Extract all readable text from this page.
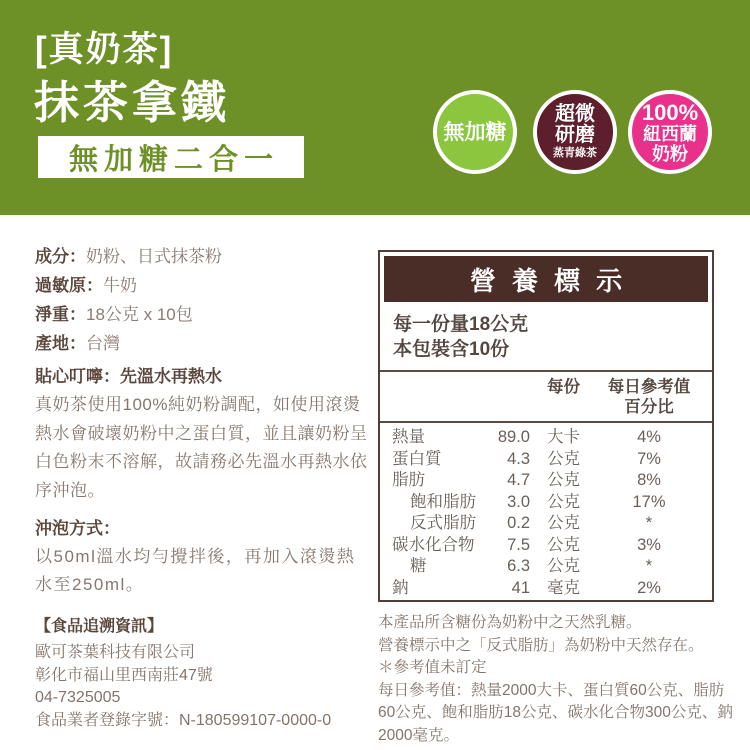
[真奶茶]
抹茶拿鐵
無加糖二合一
無加糖
超微
研磨
蒸青綠茶
100%
紐西蘭
奶粉
成分：奶粉、日式抹茶粉
過敏原：牛奶
淨重：18公克 x 10包
產地：台灣
貼心叮嚀：先溫水再熱水
真奶茶使用100%純奶粉調配，如使用滾燙熱水會破壞奶粉中之蛋白質，並且讓奶粉呈白色粉末不溶解，故請務必先溫水再熱水依序沖泡。
沖泡方式：
以50ml溫水均勻攪拌後，再加入滾燙熱水至250ml。
營養標示
每一份量18公克
本包裝含10份
每份	每日參考值
百分比
熱量	89.0	大卡	4%
蛋白質	4.3	公克	7%
脂肪	4.7	公克	8%
飽和脂肪	3.0	公克	17%
反式脂肪	0.2	公克	*
碳水化合物	7.5	公克	3%
糖	6.3	公克	*
鈉	41	毫克	2%
【食品追溯資訊】
歐可茶葉科技有限公司
彰化市福山里西南莊47號
04-7325005
食品業者登錄字號：N-180599107-0000-0
本產品所含糖份為奶粉中之天然乳糖。
營養標示中之「反式脂肪」為奶粉中天然存在。
＊參考值未訂定
每日參考值：熱量2000大卡、蛋白質60公克、脂肪60公克、飽和脂肪18公克、碳水化合物300公克、鈉2000毫克。
